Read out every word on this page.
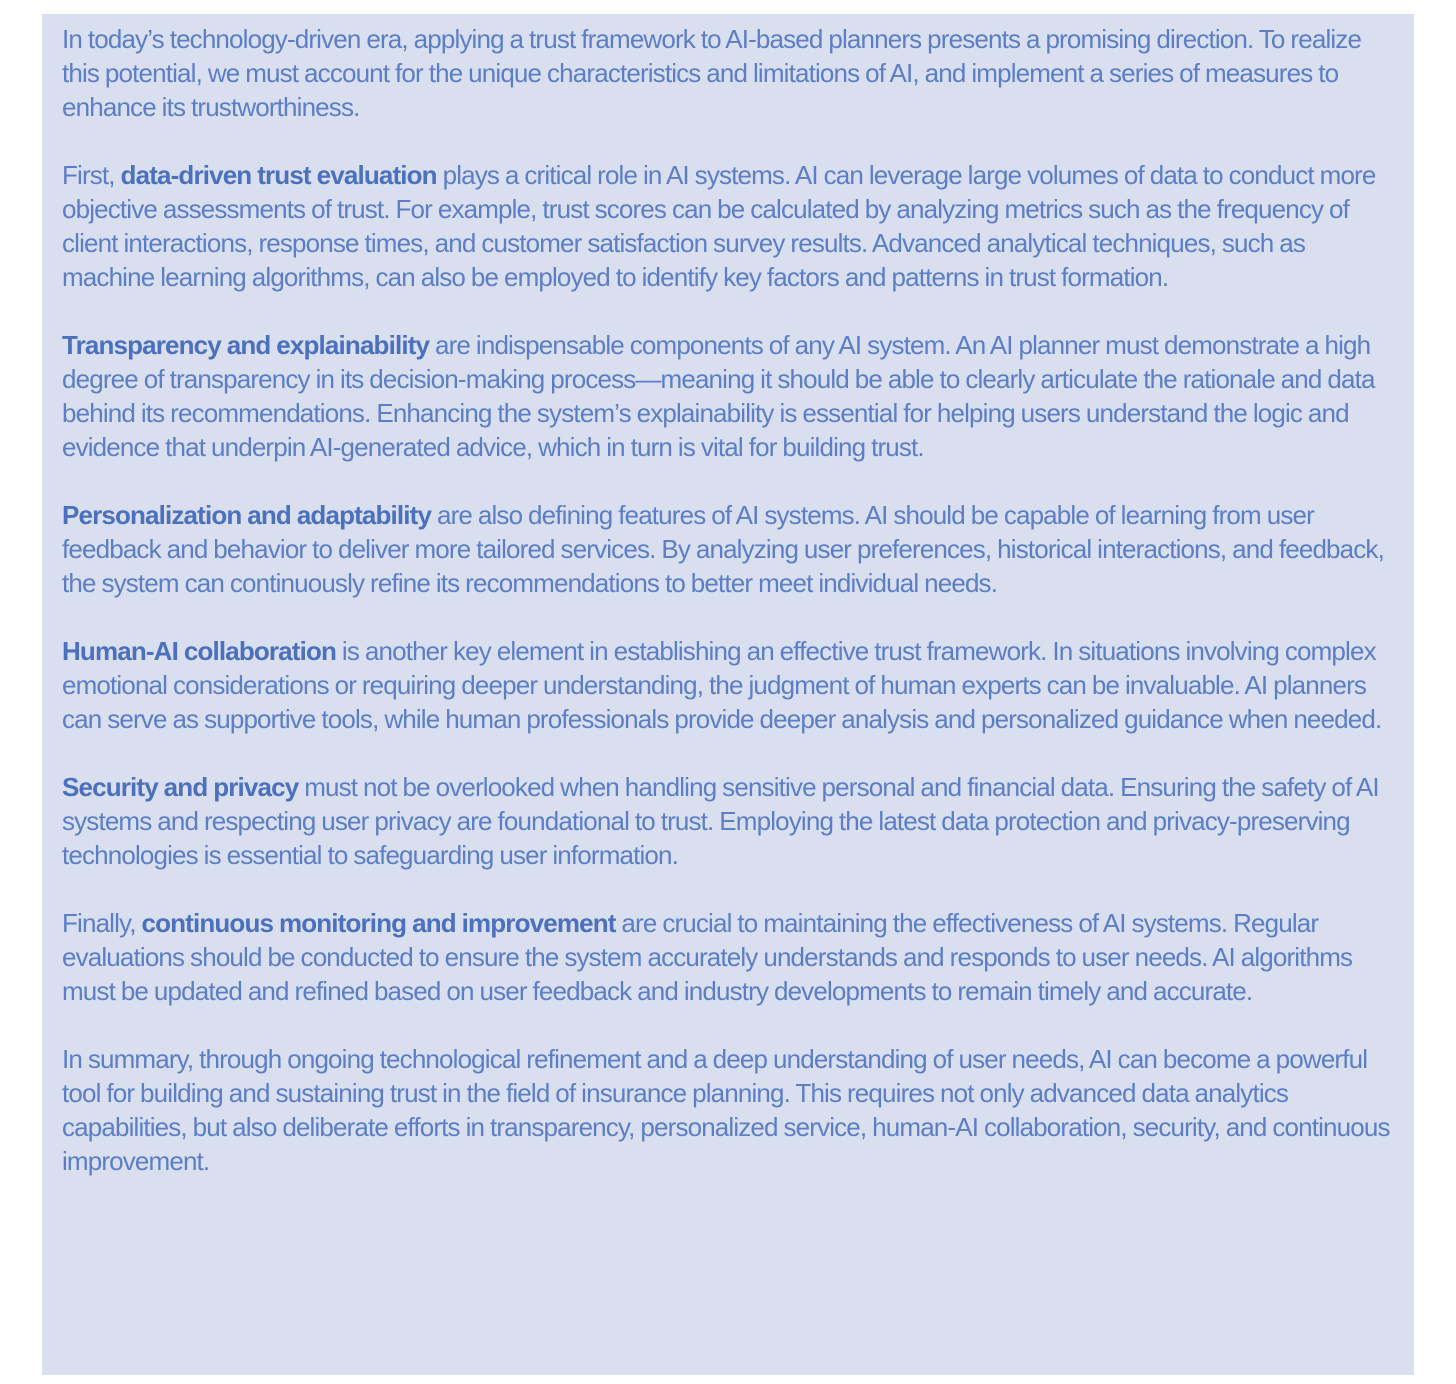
In today’s technology-driven era, applying a trust framework to AI-based planners presents a promising direction. To realize this potential, we must account for the unique characteristics and limitations of AI, and implement a series of measures to enhance its trustworthiness.

First, data-driven trust evaluation plays a critical role in AI systems. AI can leverage large volumes of data to conduct more objective assessments of trust. For example, trust scores can be calculated by analyzing metrics such as the frequency of client interactions, response times, and customer satisfaction survey results. Advanced analytical techniques, such as machine learning algorithms, can also be employed to identify key factors and patterns in trust formation.

Transparency and explainability are indispensable components of any AI system. An AI planner must demonstrate a high degree of transparency in its decision-making process—meaning it should be able to clearly articulate the rationale and data behind its recommendations. Enhancing the system’s explainability is essential for helping users understand the logic and evidence that underpin AI-generated advice, which in turn is vital for building trust.

Personalization and adaptability are also defining features of AI systems. AI should be capable of learning from user feedback and behavior to deliver more tailored services. By analyzing user preferences, historical interactions, and feedback, the system can continuously refine its recommendations to better meet individual needs.

Human-AI collaboration is another key element in establishing an effective trust framework. In situations involving complex emotional considerations or requiring deeper understanding, the judgment of human experts can be invaluable. AI planners can serve as supportive tools, while human professionals provide deeper analysis and personalized guidance when needed.

Security and privacy must not be overlooked when handling sensitive personal and financial data. Ensuring the safety of AI systems and respecting user privacy are foundational to trust. Employing the latest data protection and privacy-preserving technologies is essential to safeguarding user information.

Finally, continuous monitoring and improvement are crucial to maintaining the effectiveness of AI systems. Regular evaluations should be conducted to ensure the system accurately understands and responds to user needs. AI algorithms must be updated and refined based on user feedback and industry developments to remain timely and accurate.

In summary, through ongoing technological refinement and a deep understanding of user needs, AI can become a powerful tool for building and sustaining trust in the field of insurance planning. This requires not only advanced data analytics capabilities, but also deliberate efforts in transparency, personalized service, human-AI collaboration, security, and continuous improvement.
